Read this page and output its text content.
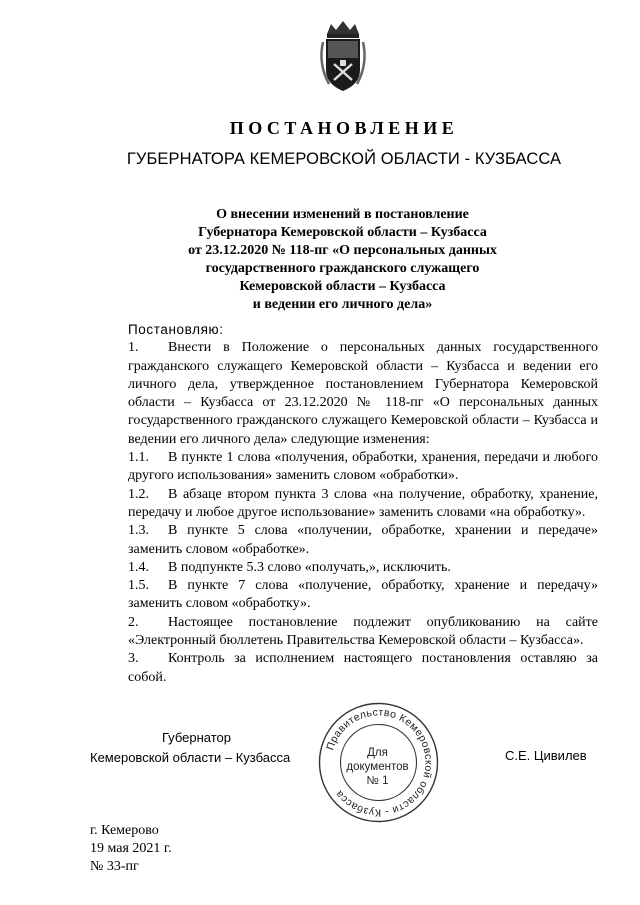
ПОСТАНОВЛЕНИЕ
ГУБЕРНАТОРА КЕМЕРОВСКОЙ ОБЛАСТИ - КУЗБАССА
О внесении изменений в постановление
Губернатора Кемеровской области – Кузбасса
от 23.12.2020 № 118-пг «О персональных данных
государственного гражданского служащего
Кемеровской области – Кузбасса
и ведении его личного дела»

Постановляю:

1. Внести в Положение о персональных данных государственного гражданского служащего Кемеровской области – Кузбасса и ведении его личного дела, утвержденное постановлением Губернатора Кемеровской области – Кузбасса от 23.12.2020 № 118-пг «О персональных данных государственного гражданского служащего Кемеровской области – Кузбасса и ведении его личного дела» следующие изменения:

1.1. В пункте 1 слова «получения, обработки, хранения, передачи и любого другого использования» заменить словом «обработки».

1.2. В абзаце втором пункта 3 слова «на получение, обработку, хранение, передачу и любое другое использование» заменить словами «на обработку».

1.3. В пункте 5 слова «получении, обработке, хранении и передаче» заменить словом «обработке».

1.4. В подпункте 5.3 слово «получать,», исключить.

1.5. В пункте 7 слова «получение, обработку, хранение и передачу» заменить словом «обработку».

2. Настоящее постановление подлежит опубликованию на сайте «Электронный бюллетень Правительства Кемеровской области – Кузбасса».

3. Контроль за исполнением настоящего постановления оставляю за собой.

Губернатор
Кемеровской области – Кузбасса
Правительство Кемеровской области - Кузбасса
Для
документов
№ 1
С.Е. Цивилев
г. Кемерово
19 мая 2021 г.
№ 33-пг
